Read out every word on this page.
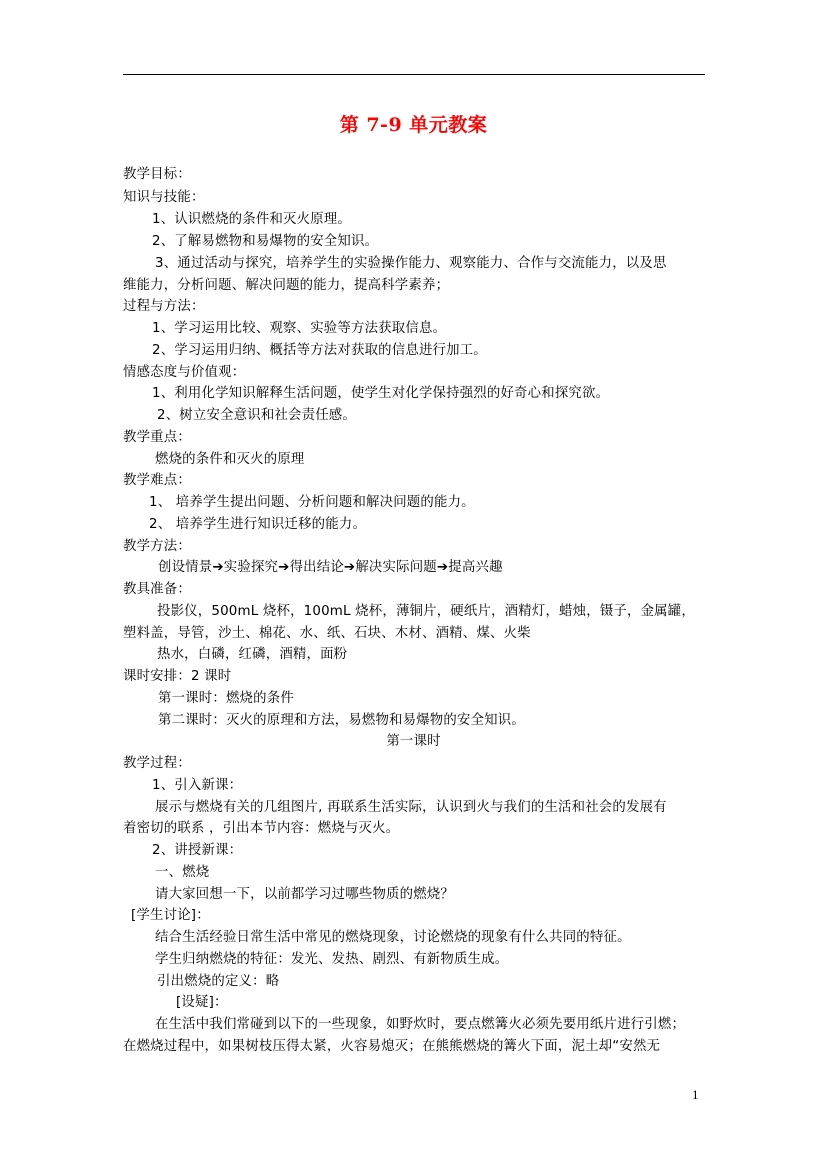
第 7-9 单元教案
教学目标：
知识与技能：
1、认识燃烧的条件和灭火原理。
2、了解易燃物和易爆物的安全知识。
3、通过活动与探究，培养学生的实验操作能力、观察能力、合作与交流能力，以及思
维能力，分析问题、解决问题的能力，提高科学素养；
过程与方法：
1、学习运用比较、观察、实验等方法获取信息。
2、学习运用归纳、概括等方法对获取的信息进行加工。
情感态度与价值观：
1、利用化学知识解释生活问题，使学生对化学保持强烈的好奇心和探究欲。
2、树立安全意识和社会责任感。
教学重点：
燃烧的条件和灭火的原理
教学难点：
1、 培养学生提出问题、分析问题和解决问题的能力。
2、 培养学生进行知识迁移的能力。
教学方法：
创设情景➔实验探究➔得出结论➔解决实际问题➔提高兴趣
教具准备：
投影仪，500mL 烧杯，100mL 烧杯，薄铜片，硬纸片，酒精灯，蜡烛，镊子，金属罐，
塑料盖，导管，沙土、棉花、水、纸、石块、木材、酒精、煤、火柴
热水，白磷，红磷，酒精，面粉
课时安排：2 课时
第一课时：燃烧的条件
第二课时：灭火的原理和方法，易燃物和易爆物的安全知识。
第一课时
教学过程：
1、引入新课：
展示与燃烧有关的几组图片, 再联系生活实际，认识到火与我们的生活和社会的发展有
着密切的联系 ，引出本节内容：燃烧与灭火。
2、讲授新课：
一、燃烧
请大家回想一下，以前都学习过哪些物质的燃烧？
[学生讨论]：
结合生活经验日常生活中常见的燃烧现象，讨论燃烧的现象有什么共同的特征。
学生归纳燃烧的特征：发光、发热、剧烈、有新物质生成。
引出燃烧的定义：略
[设疑]：
在生活中我们常碰到以下的一些现象，如野炊时，要点燃篝火必须先要用纸片进行引燃；
在燃烧过程中，如果树枝压得太紧，火容易熄灭；在熊熊燃烧的篝火下面，泥土却“安然无
1
